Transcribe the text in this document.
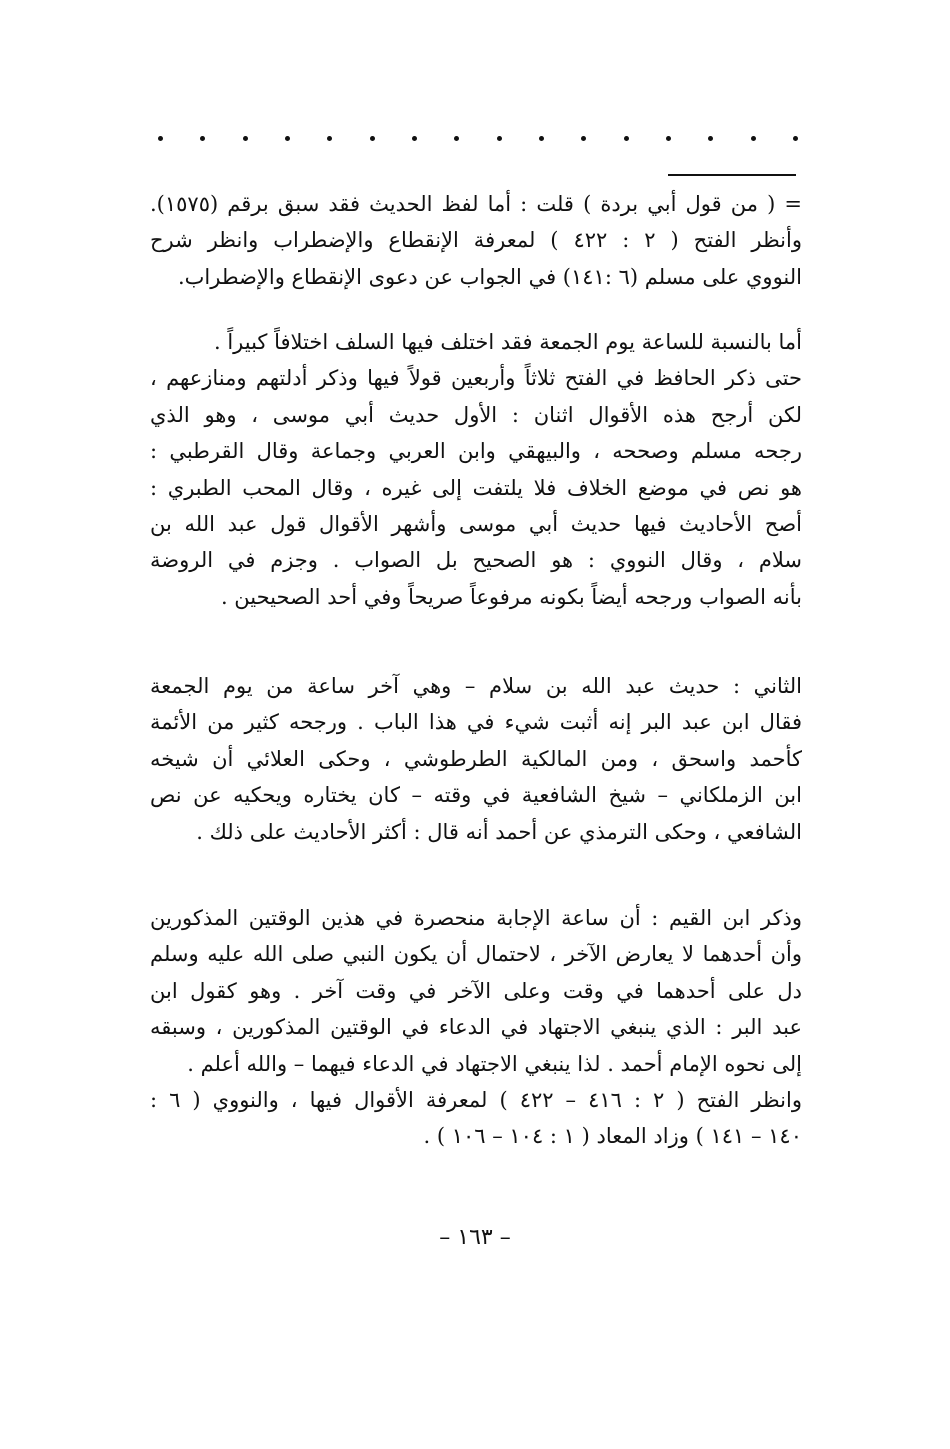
= ( من قول أبي بردة ) قلت : أما لفظ الحديث فقد سبق برقم (١٥٧٥).
وأنظر الفتح ( ٢ : ٤٢٢ ) لمعرفة الإنقطاع والإضطراب وانظر شرح
النووي على مسلم (٦ :١٤١) في الجواب عن دعوى الإنقطاع والإضطراب.
أما بالنسبة للساعة يوم الجمعة فقد اختلف فيها السلف اختلافاً كبيراً .
حتى ذكر الحافظ في الفتح ثلاثاً وأربعين قولاً فيها وذكر أدلتهم ومنازعهم ،
لكن أرجح هذه الأقوال اثنان : الأول حديث أبي موسى ، وهو الذي
رجحه مسلم وصححه ، والبيهقي وابن العربي وجماعة وقال القرطبي :
هو نص في موضع الخلاف فلا يلتفت إلى غيره ، وقال المحب الطبري :
أصح الأحاديث فيها حديث أبي موسى وأشهر الأقوال قول عبد الله بن
سلام ، وقال النووي : هو الصحيح بل الصواب . وجزم في الروضة
بأنه الصواب ورجحه أيضاً بكونه مرفوعاً صريحاً وفي أحد الصحيحين .
الثاني : حديث عبد الله بن سلام – وهي آخر ساعة من يوم الجمعة
فقال ابن عبد البر إنه أثبت شيء في هذا الباب . ورجحه كثير من الأئمة
كأحمد واسحق ، ومن المالكية الطرطوشي ، وحكى العلائي أن شيخه
ابن الزملكاني – شيخ الشافعية في وقته – كان يختاره ويحكيه عن نص
الشافعي ، وحكى الترمذي عن أحمد أنه قال : أكثر الأحاديث على ذلك .
وذكر ابن القيم : أن ساعة الإجابة منحصرة في هذين الوقتين المذكورين
وأن أحدهما لا يعارض الآخر ، لاحتمال أن يكون النبي صلى الله عليه وسلم
دل على أحدهما في وقت وعلى الآخر في وقت آخر . وهو كقول ابن
عبد البر : الذي ينبغي الاجتهاد في الدعاء في الوقتين المذكورين ، وسبقه
إلى نحوه الإمام أحمد . لذا ينبغي الاجتهاد في الدعاء فيهما – والله أعلم .
وانظر الفتح ( ٢ : ٤١٦ – ٤٢٢ ) لمعرفة الأقوال فيها ، والنووي ( ٦ :
١٤٠ – ١٤١ ) وزاد المعاد ( ١ : ١٠٤ – ١٠٦ ) .
– ١٦٣ –
